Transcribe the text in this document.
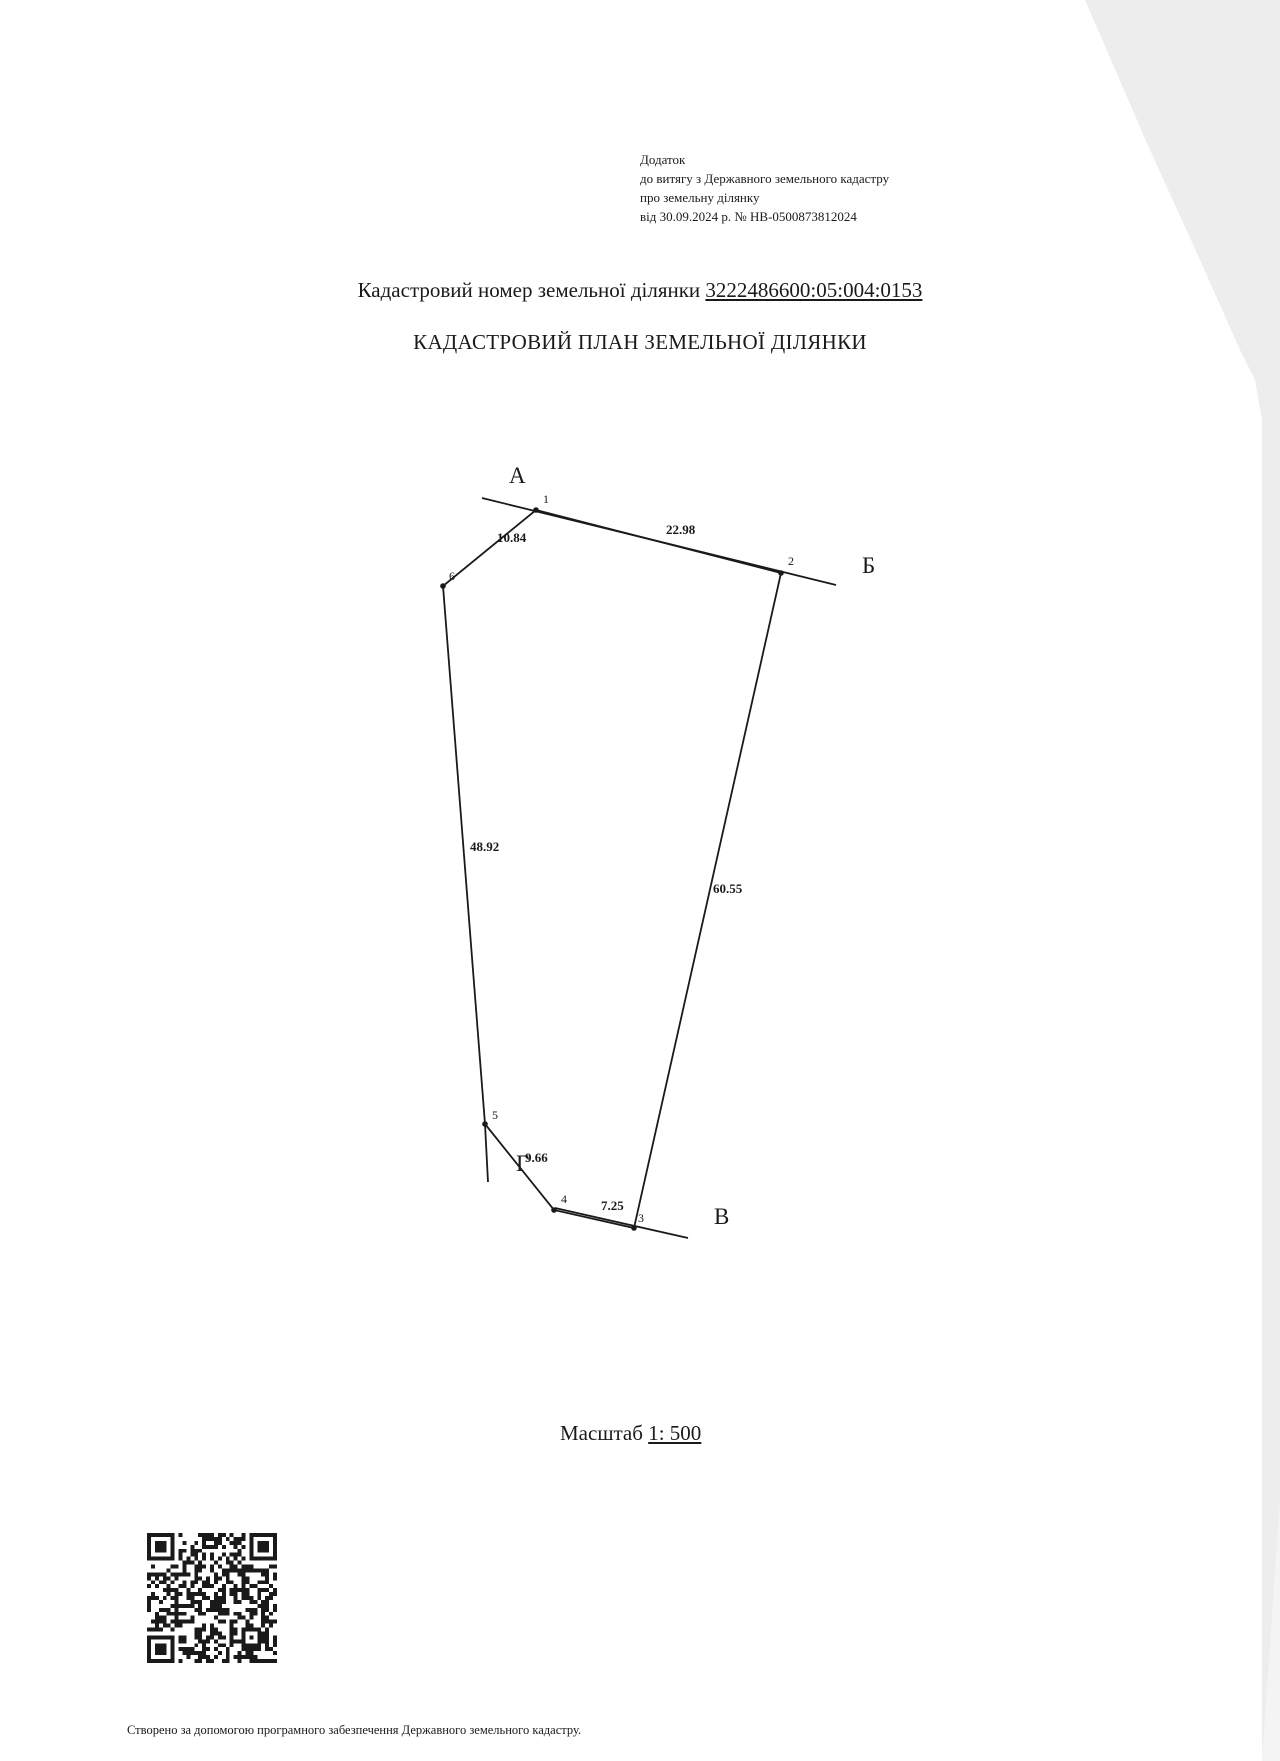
Додаток
до витягу з Державного земельного кадастру
про земельну ділянку
від 30.09.2024 р. № НВ-0500873812024
Кадастровий номер земельної ділянки 3222486600:05:004:0153
КАДАСТРОВИЙ ПЛАН ЗЕМЕЛЬНОЇ ДІЛЯНКИ
1
2
3
4
5
6
22.98
60.55
7.25
9.66
48.92
10.84
А
Б
В
Г
Масштаб 1: 500
Створено за допомогою програмного забезпечення Державного земельного кадастру.
